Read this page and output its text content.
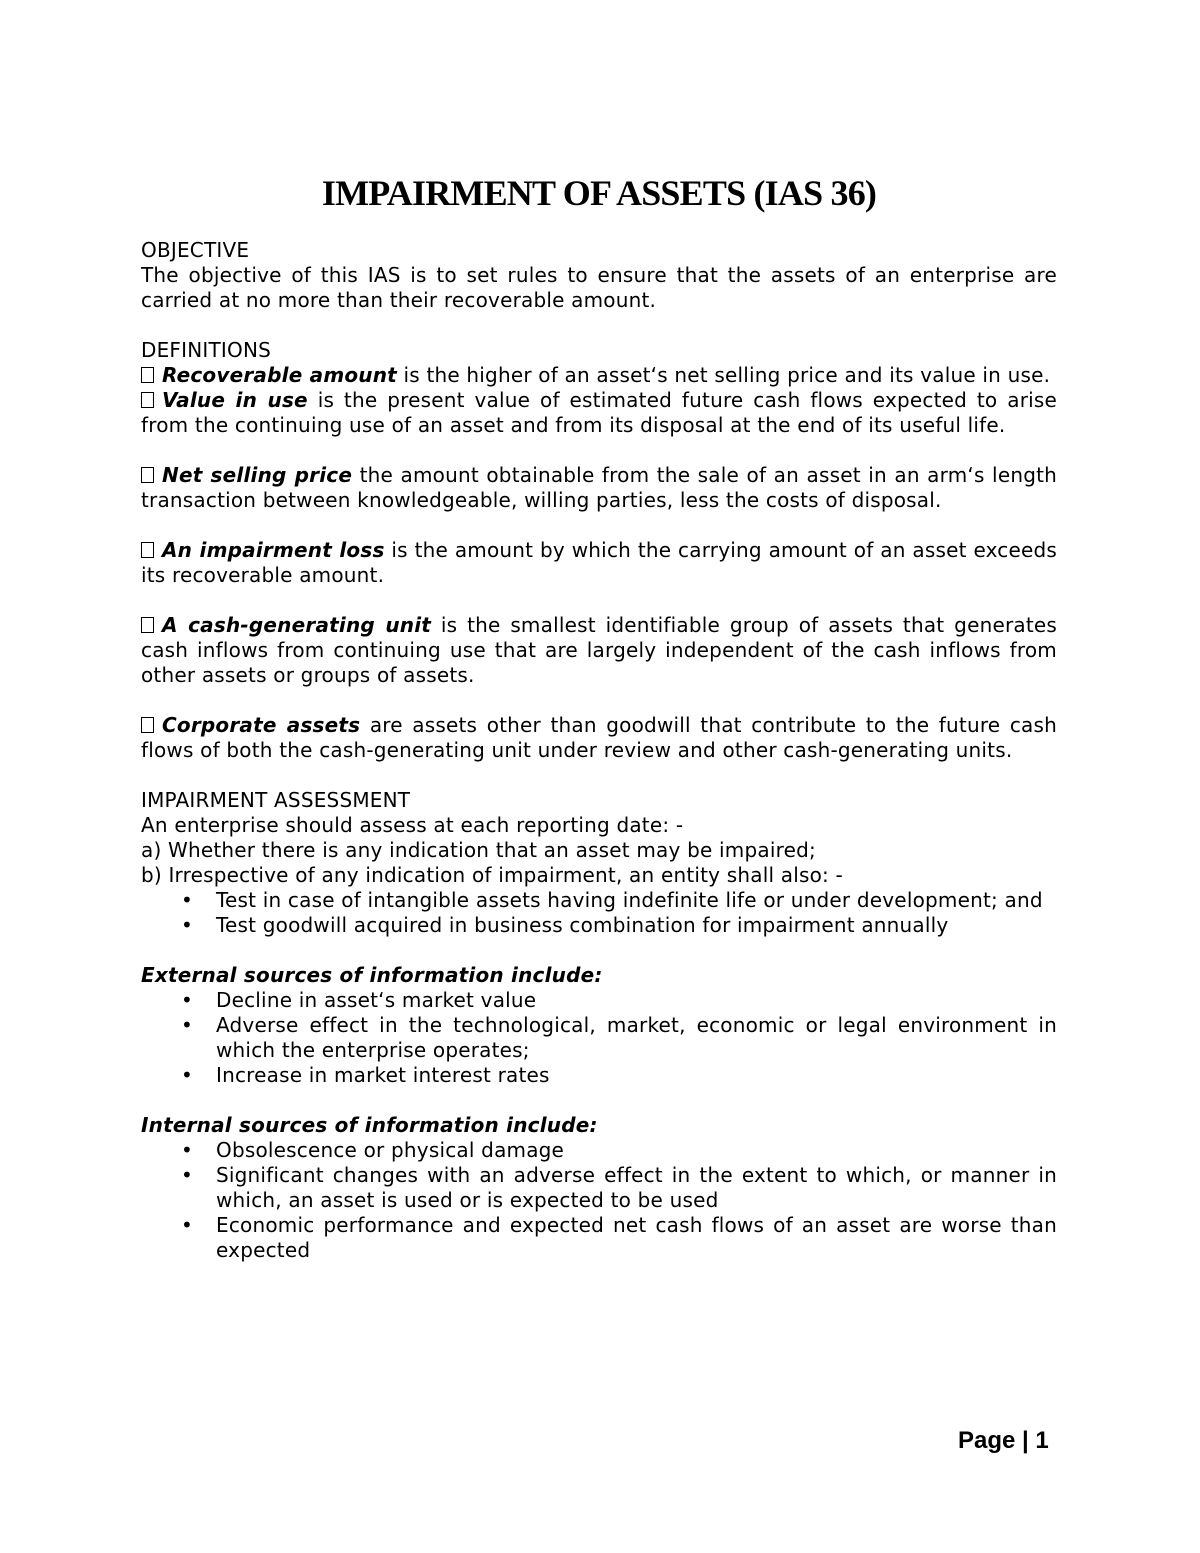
IMPAIRMENT OF ASSETS (IAS 36)

OBJECTIVE

The objective of this IAS is to set rules to ensure that the assets of an enterprise are carried at no more than their recoverable amount.

DEFINITIONS

Recoverable amount is the higher of an asset‘s net selling price and its value in use.

Value in use is the present value of estimated future cash flows expected to arise from the continuing use of an asset and from its disposal at the end of its useful life.

Net selling price the amount obtainable from the sale of an asset in an arm‘s length transaction between knowledgeable, willing parties, less the costs of disposal.

An impairment loss is the amount by which the carrying amount of an asset exceeds its recoverable amount.

A cash-generating unit is the smallest identifiable group of assets that generates cash inflows from continuing use that are largely independent of the cash inflows from other assets or groups of assets.

Corporate assets are assets other than goodwill that contribute to the future cash flows of both the cash-generating unit under review and other cash-generating units.

IMPAIRMENT ASSESSMENT

An enterprise should assess at each reporting date: -

a) Whether there is any indication that an asset may be impaired;

b) Irrespective of any indication of impairment, an entity shall also: -

• Test in case of intangible assets having indefinite life or under development; and
• Test goodwill acquired in business combination for impairment annually

External sources of information include:

• Decline in asset‘s market value
• Adverse effect in the technological, market, economic or legal environment in which the enterprise operates;
• Increase in market interest rates

Internal sources of information include:

• Obsolescence or physical damage
• Significant changes with an adverse effect in the extent to which, or manner in which, an asset is used or is expected to be used
• Economic performance and expected net cash flows of an asset are worse than expected
Page | 1
